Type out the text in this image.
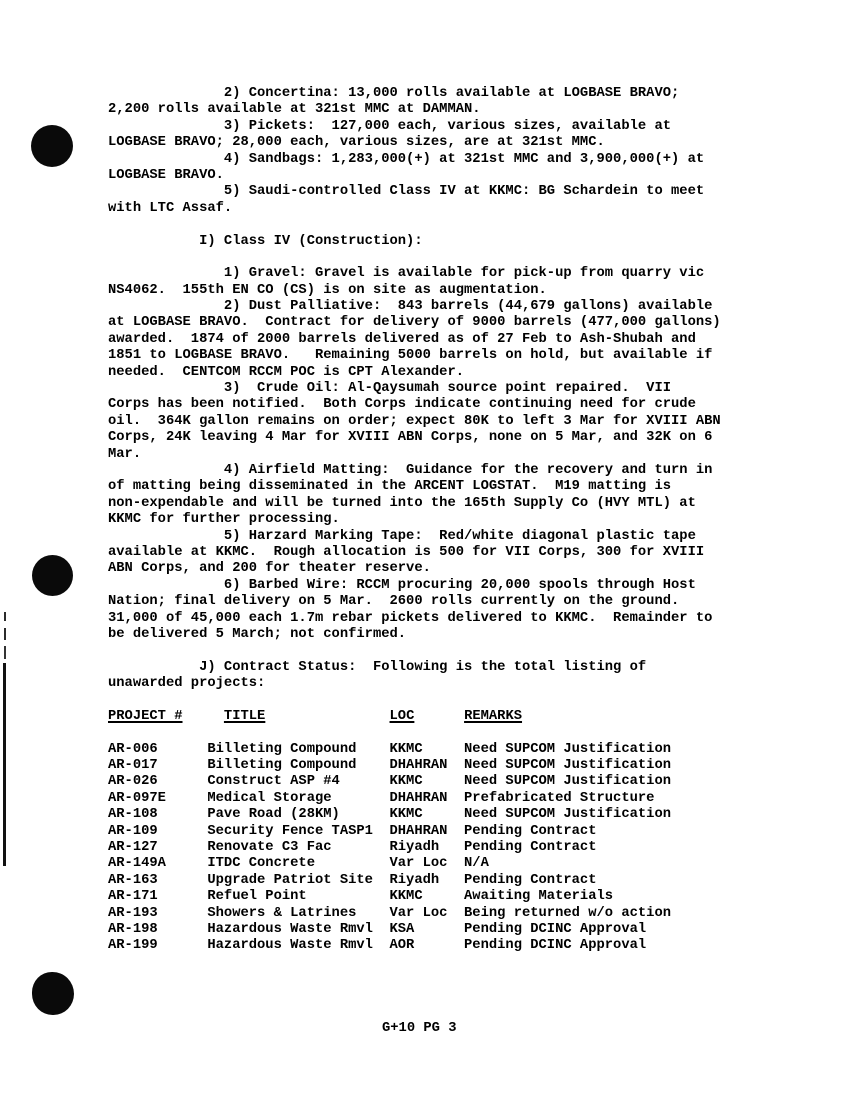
2) Concertina: 13,000 rolls available at LOGBASE BRAVO;
2,200 rolls available at 321st MMC at DAMMAN.
3) Pickets:  127,000 each, various sizes, available at
LOGBASE BRAVO; 28,000 each, various sizes, are at 321st MMC.
4) Sandbags: 1,283,000(+) at 321st MMC and 3,900,000(+) at
LOGBASE BRAVO.
5) Saudi-controlled Class IV at KKMC: BG Schardein to meet
with LTC Assaf.

I) Class IV (Construction):

1) Gravel: Gravel is available for pick-up from quarry vic
NS4062.  155th EN CO (CS) is on site as augmentation.
2) Dust Palliative:  843 barrels (44,679 gallons) available
at LOGBASE BRAVO.  Contract for delivery of 9000 barrels (477,000 gallons)
awarded.  1874 of 2000 barrels delivered as of 27 Feb to Ash-Shubah and
1851 to LOGBASE BRAVO.   Remaining 5000 barrels on hold, but available if
needed.  CENTCOM RCCM POC is CPT Alexander.
3)  Crude Oil: Al-Qaysumah source point repaired.  VII
Corps has been notified.  Both Corps indicate continuing need for crude
oil.  364K gallon remains on order; expect 80K to left 3 Mar for XVIII ABN
Corps, 24K leaving 4 Mar for XVIII ABN Corps, none on 5 Mar, and 32K on 6
Mar.
4) Airfield Matting:  Guidance for the recovery and turn in
of matting being disseminated in the ARCENT LOGSTAT.  M19 matting is
non-expendable and will be turned into the 165th Supply Co (HVY MTL) at
KKMC for further processing.
5) Harzard Marking Tape:  Red/white diagonal plastic tape
available at KKMC.  Rough allocation is 500 for VII Corps, 300 for XVIII
ABN Corps, and 200 for theater reserve.
6) Barbed Wire: RCCM procuring 20,000 spools through Host
Nation; final delivery on 5 Mar.  2600 rolls currently on the ground.
31,000 of 45,000 each 1.7m rebar pickets delivered to KKMC.  Remainder to
be delivered 5 March; not confirmed.

J) Contract Status:  Following is the total listing of
unawarded projects:

PROJECT #	TITLE	LOC	REMARKS

AR-006      Billeting Compound    KKMC     Need SUPCOM Justification
AR-017      Billeting Compound    DHAHRAN  Need SUPCOM Justification
AR-026      Construct ASP #4      KKMC     Need SUPCOM Justification
AR-097E     Medical Storage       DHAHRAN  Prefabricated Structure
AR-108      Pave Road (28KM)      KKMC     Need SUPCOM Justification
AR-109      Security Fence TASP1  DHAHRAN  Pending Contract
AR-127      Renovate C3 Fac       Riyadh   Pending Contract
AR-149A     ITDC Concrete         Var Loc  N/A
AR-163      Upgrade Patriot Site  Riyadh   Pending Contract
AR-171      Refuel Point          KKMC     Awaiting Materials
AR-193      Showers & Latrines    Var Loc  Being returned w/o action
AR-198      Hazardous Waste Rmvl  KSA      Pending DCINC Approval
AR-199      Hazardous Waste Rmvl  AOR      Pending DCINC Approval
G+10 PG 3
